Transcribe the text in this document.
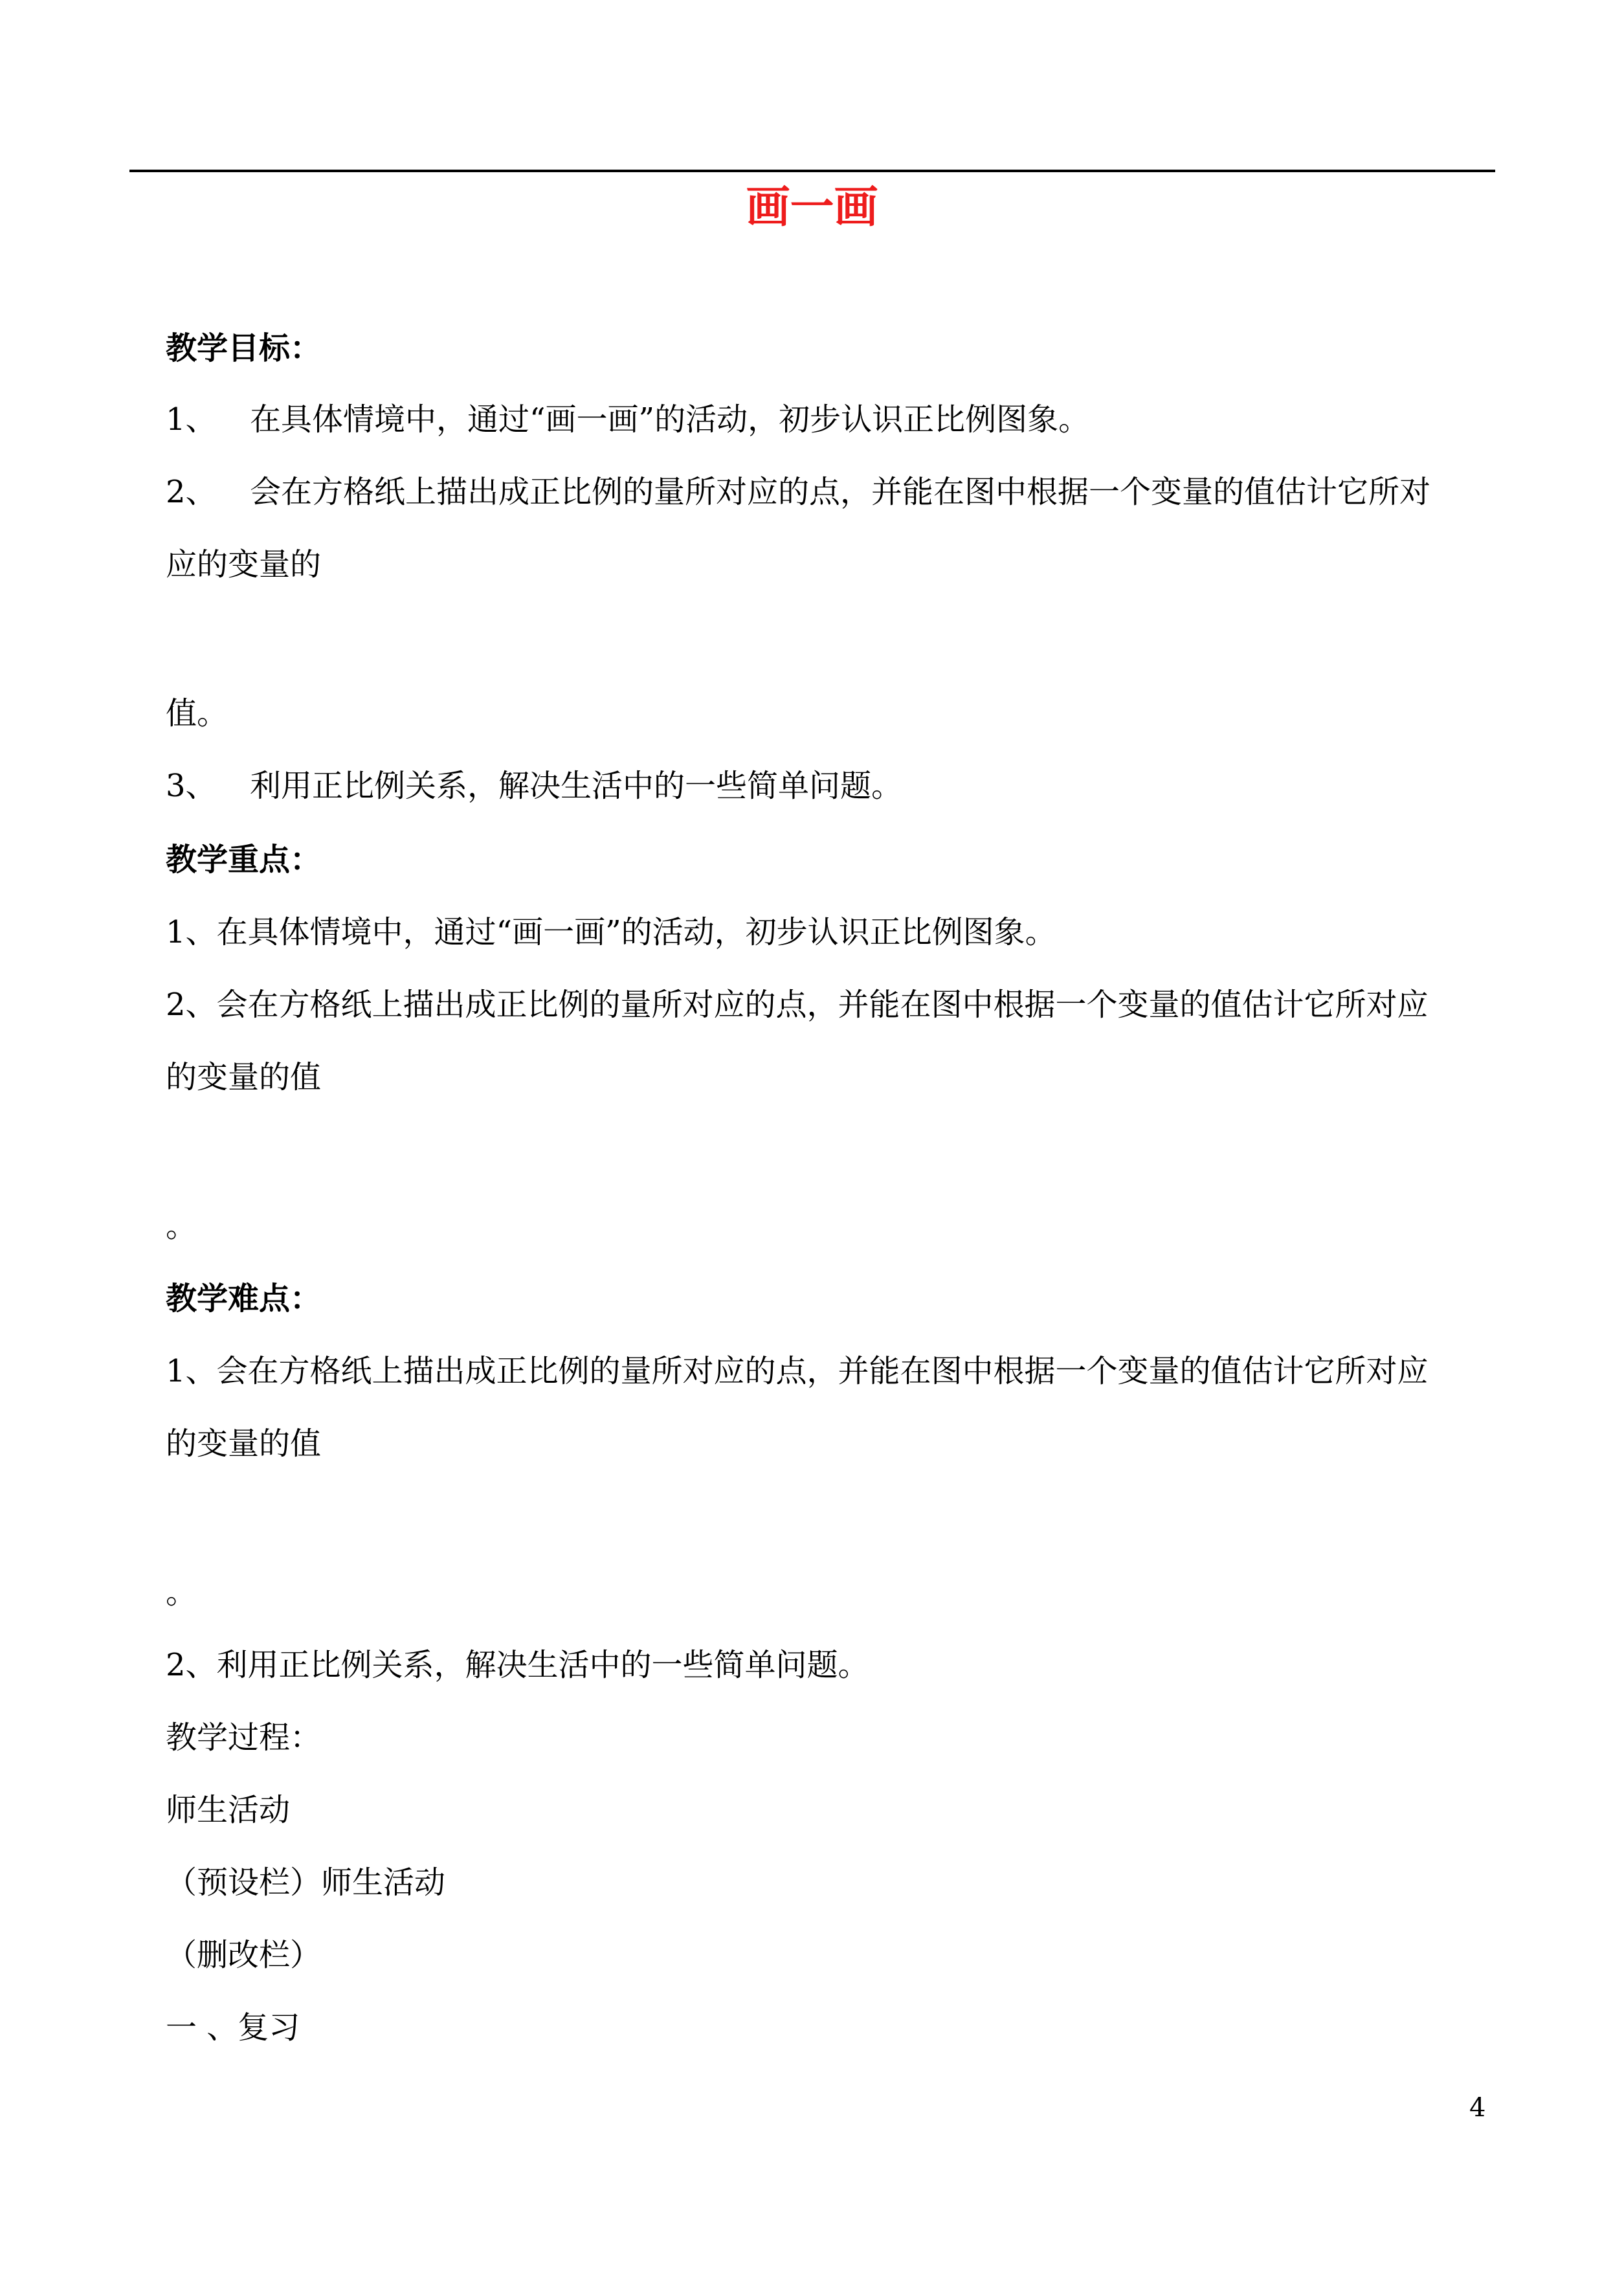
画一画
教学目标：
1、 在具体情境中，通过“画一画”的活动，初步认识正比例图象。
2、 会在方格纸上描出成正比例的量所对应的点，并能在图中根据一个变量的值估计它所对
应的变量的
值。
3、 利用正比例关系，解决生活中的一些简单问题。
教学重点：
1、在具体情境中，通过“画一画”的活动，初步认识正比例图象。
2、会在方格纸上描出成正比例的量所对应的点，并能在图中根据一个变量的值估计它所对应
的变量的值
。
教学难点：
1、会在方格纸上描出成正比例的量所对应的点，并能在图中根据一个变量的值估计它所对应
的变量的值
。
2、利用正比例关系，解决生活中的一些简单问题。
教学过程：
师生活动
（预设栏）师生活动
（删改栏）
一 、复习
4
